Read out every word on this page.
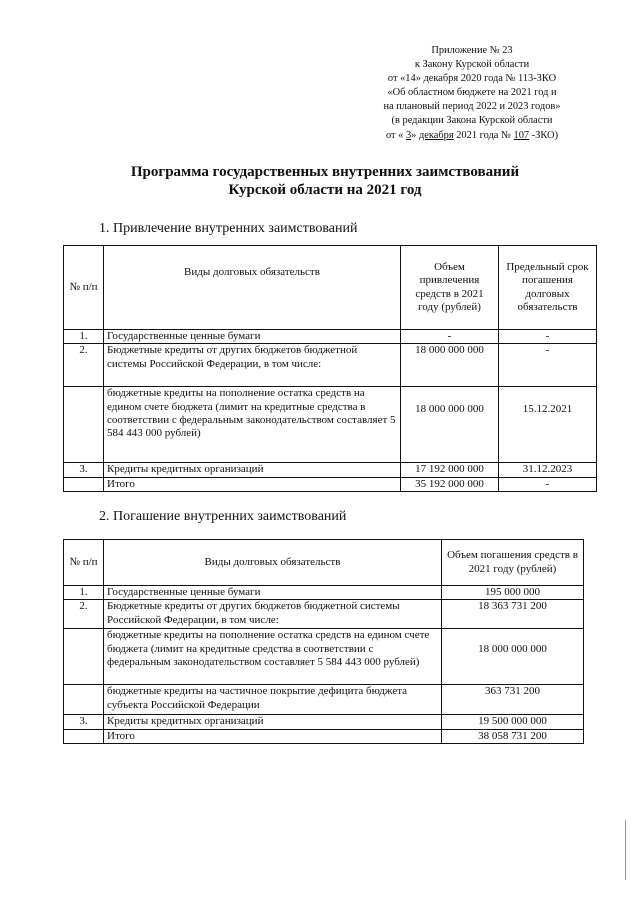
Приложение № 23
к Закону Курской области
от «14» декабря 2020 года № 113-ЗКО
«Об областном бюджете на 2021 год и
на плановый период 2022 и 2023 годов»
(в редакции Закона Курской области
от « 3» декабря 2021 года № 107 -ЗКО)
Программа государственных внутренних заимствований
Курской области на 2021 год
1. Привлечение внутренних заимствований
№ п/п	Виды долговых обязательств	Объем привлечения средств в 2021 году (рублей)	Предельный срок погашения долговых обязательств
1.	Государственные ценные бумаги	-	-
2.	Бюджетные кредиты от других бюджетов бюджетной системы Российской Федерации, в том числе:	18 000 000 000	-
	бюджетные кредиты на пополнение остатка средств на едином счете бюджета (лимит на кредитные средства в соответствии с федеральным законодательством составляет 5 584 443 000 рублей)	18 000 000 000	15.12.2021
3.	Кредиты кредитных организаций	17 192 000 000	31.12.2023
	Итого	35 192 000 000	-
2. Погашение внутренних заимствований
№ п/п	Виды долговых обязательств	Объем погашения средств в 2021 году (рублей)
1.	Государственные ценные бумаги	195 000 000
2.	Бюджетные кредиты от других бюджетов бюджетной системы Российской Федерации, в том числе:	18 363 731 200
	бюджетные кредиты на пополнение остатка средств на едином счете бюджета (лимит на кредитные средства в соответствии с федеральным законодательством составляет 5 584 443 000 рублей)	18 000 000 000
	бюджетные кредиты на частичное покрытие дефицита бюджета субъекта Российской Федерации	363 731 200
3.	Кредиты кредитных организаций	19 500 000 000
	Итого	38 058 731 200
